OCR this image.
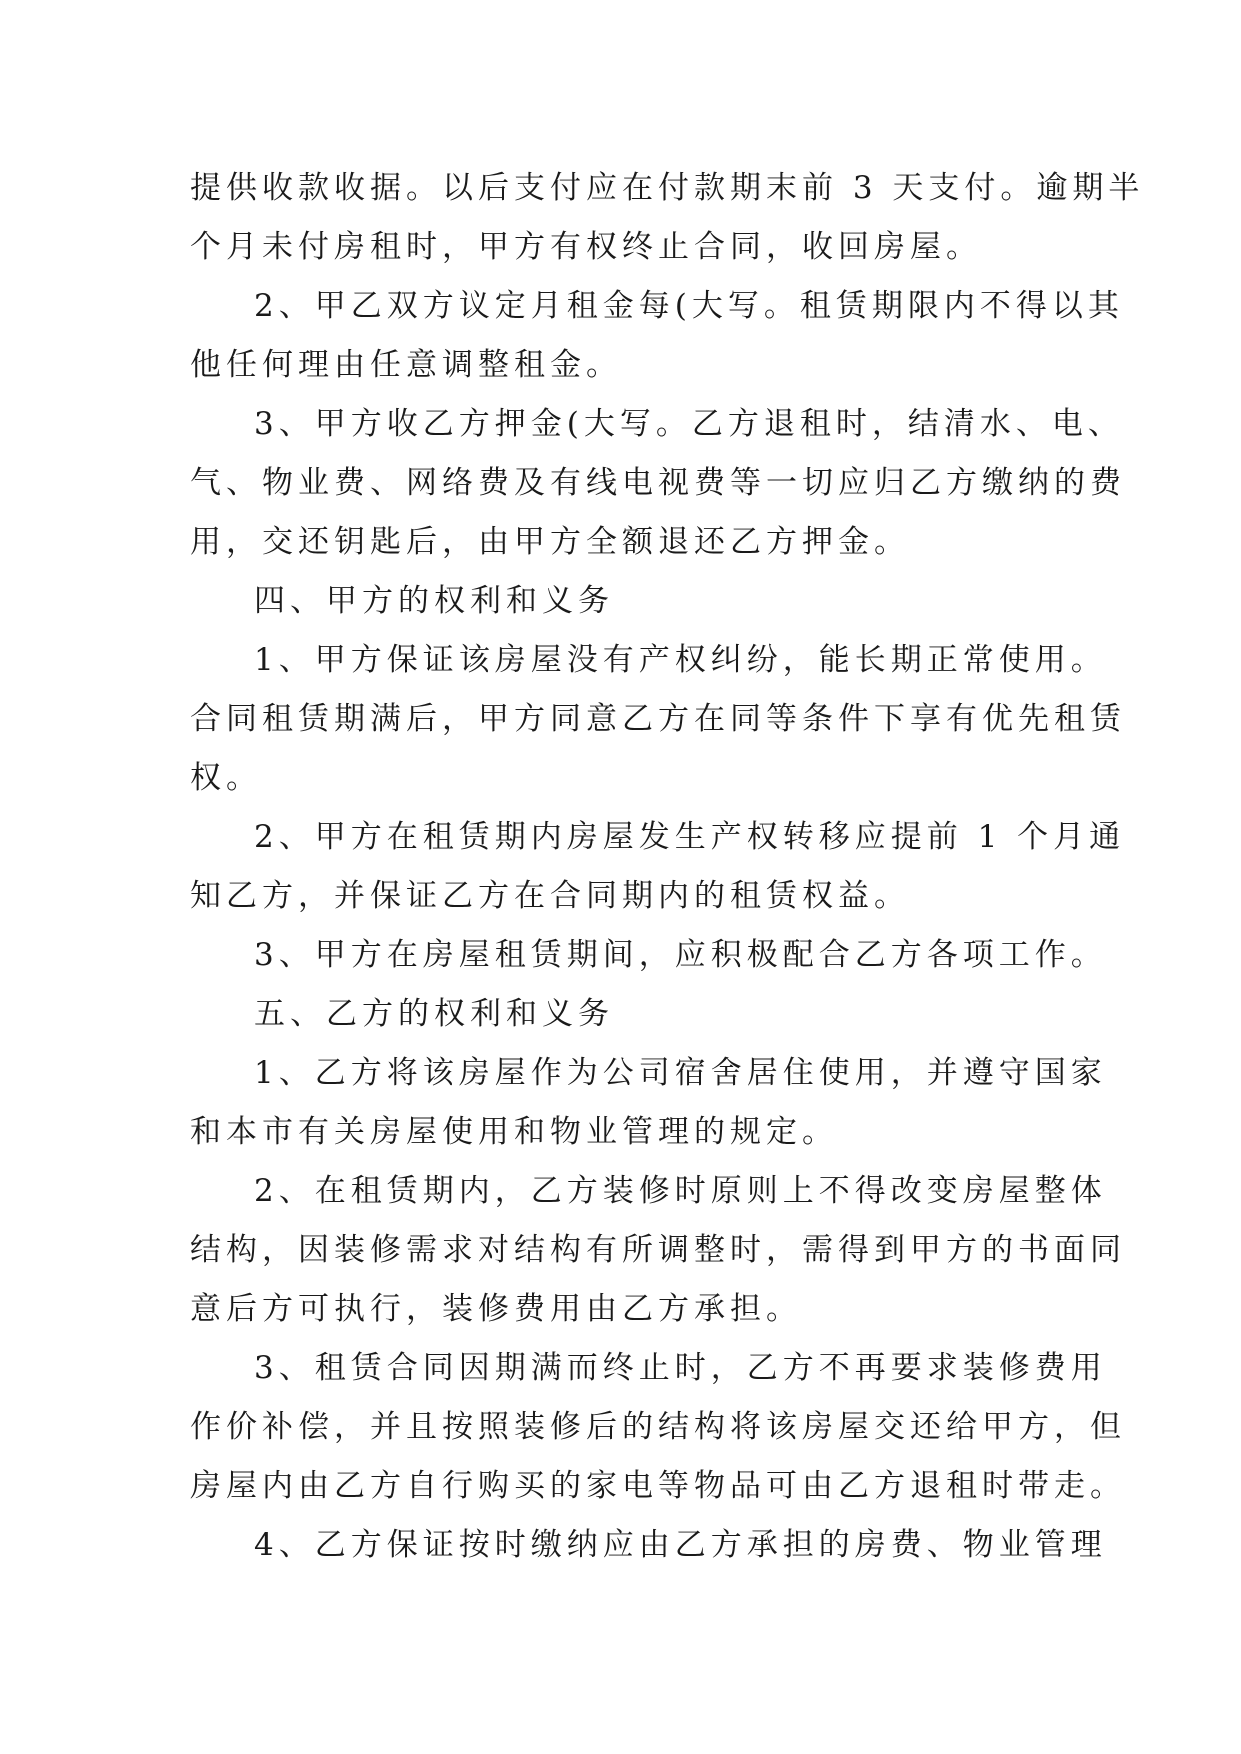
提供收款收据。以后支付应在付款期末前 3 天支付。逾期半

个月未付房租时，甲方有权终止合同，收回房屋。

2、甲乙双方议定月租金每(大写。租赁期限内不得以其

他任何理由任意调整租金。

3、甲方收乙方押金(大写。乙方退租时，结清水、电、

气、物业费、网络费及有线电视费等一切应归乙方缴纳的费

用，交还钥匙后，由甲方全额退还乙方押金。

四、甲方的权利和义务

1、甲方保证该房屋没有产权纠纷，能长期正常使用。

合同租赁期满后，甲方同意乙方在同等条件下享有优先租赁

权。

2、甲方在租赁期内房屋发生产权转移应提前 1 个月通

知乙方，并保证乙方在合同期内的租赁权益。

3、甲方在房屋租赁期间，应积极配合乙方各项工作。

五、乙方的权利和义务

1、乙方将该房屋作为公司宿舍居住使用，并遵守国家

和本市有关房屋使用和物业管理的规定。

2、在租赁期内，乙方装修时原则上不得改变房屋整体

结构，因装修需求对结构有所调整时，需得到甲方的书面同

意后方可执行，装修费用由乙方承担。

3、租赁合同因期满而终止时，乙方不再要求装修费用

作价补偿，并且按照装修后的结构将该房屋交还给甲方，但

房屋内由乙方自行购买的家电等物品可由乙方退租时带走。

4、乙方保证按时缴纳应由乙方承担的房费、物业管理
